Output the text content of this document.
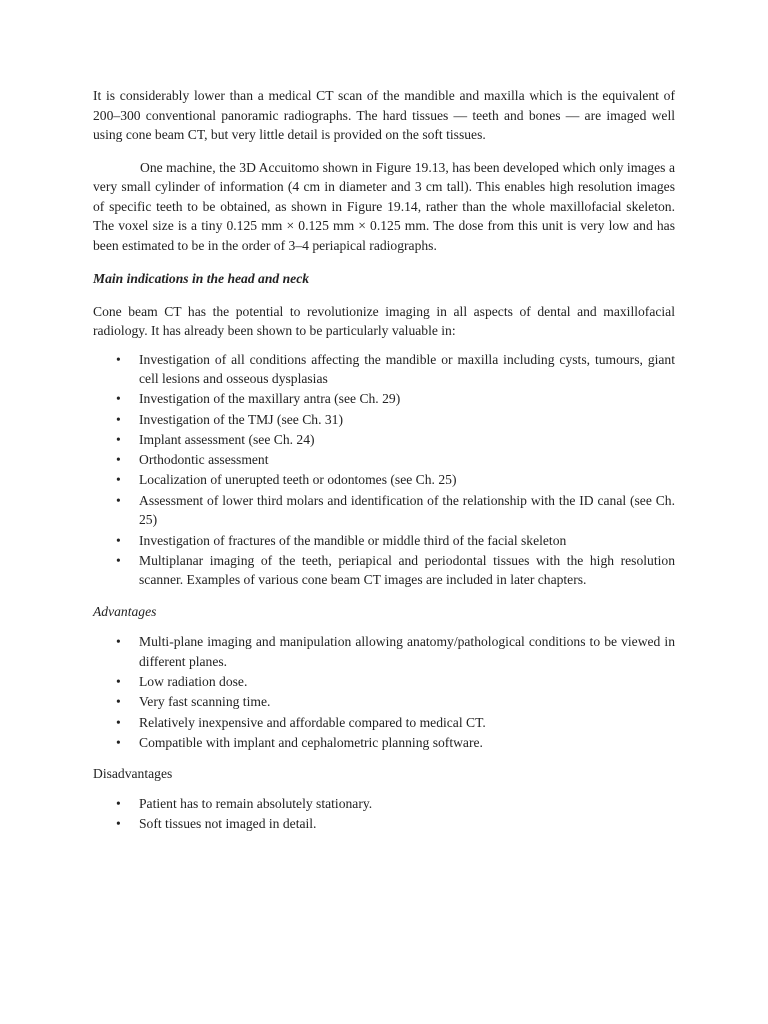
It is considerably lower than a medical CT scan of the mandible and maxilla which is the equivalent of 200–300 conventional panoramic radiographs. The hard tissues — teeth and bones — are imaged well using cone beam CT, but very little detail is provided on the soft tissues.

One machine, the 3D Accuitomo shown in Figure 19.13, has been developed which only images a very small cylinder of information (4 cm in diameter and 3 cm tall). This enables high resolution images of specific teeth to be obtained, as shown in Figure 19.14, rather than the whole maxillofacial skeleton. The voxel size is a tiny 0.125 mm × 0.125 mm × 0.125 mm. The dose from this unit is very low and has been estimated to be in the order of 3–4 periapical radiographs.

Main indications in the head and neck

Cone beam CT has the potential to revolutionize imaging in all aspects of dental and maxillofacial radiology. It has already been shown to be particularly valuable in:

• Investigation of all conditions affecting the mandible or maxilla including cysts, tumours, giant cell lesions and osseous dysplasias
• Investigation of the maxillary antra (see Ch. 29)
• Investigation of the TMJ (see Ch. 31)
• Implant assessment (see Ch. 24)
• Orthodontic assessment
• Localization of unerupted teeth or odontomes (see Ch. 25)
• Assessment of lower third molars and identification of the relationship with the ID canal (see Ch. 25)
• Investigation of fractures of the mandible or middle third of the facial skeleton
• Multiplanar imaging of the teeth, periapical and periodontal tissues with the high resolution scanner. Examples of various cone beam CT images are included in later chapters.

Advantages

• Multi-plane imaging and manipulation allowing anatomy/pathological conditions to be viewed in different planes.
• Low radiation dose.
• Very fast scanning time.
• Relatively inexpensive and affordable compared to medical CT.
• Compatible with implant and cephalometric planning software.

Disadvantages

• Patient has to remain absolutely stationary.
• Soft tissues not imaged in detail.
